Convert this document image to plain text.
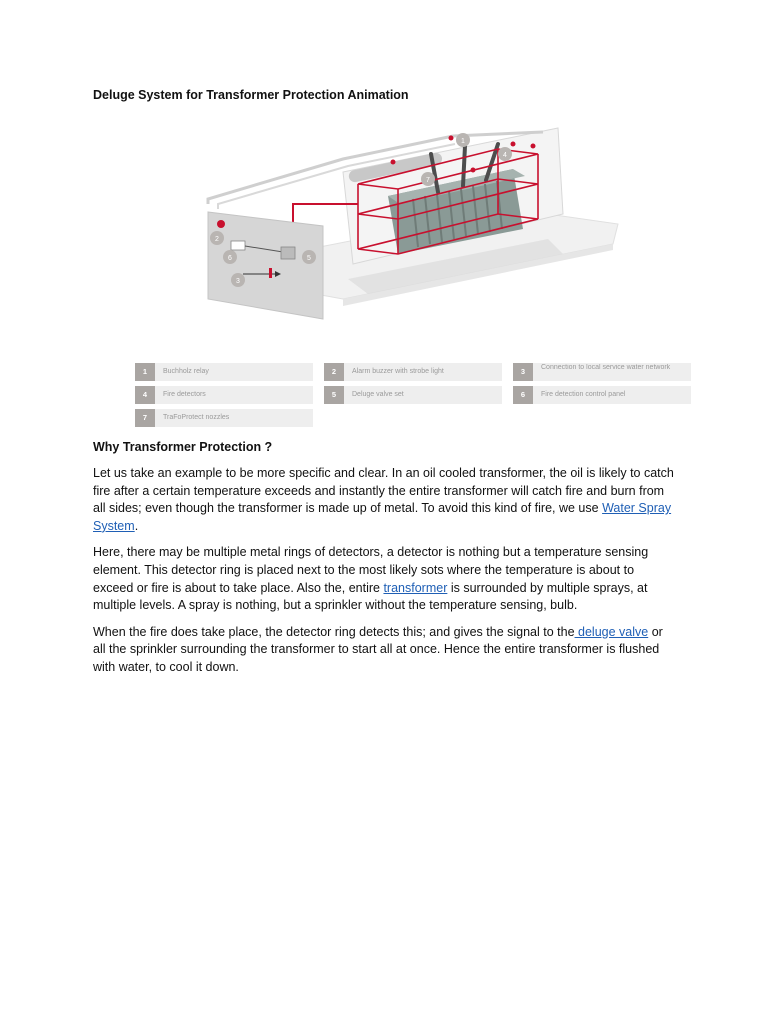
Deluge System for Transformer Protection Animation
2
6
3
5
7
1
4
1	Buchholz relay	2	Alarm buzzer with strobe light	3	Connection to local service water network
4	Fire detectors	5	Deluge valve set	6	Fire detection control panel
7	TraFoProtect nozzles
Why Transformer Protection ?

Let us take an example to be more specific and clear. In an oil cooled transformer, the oil is likely to catch fire after a certain temperature exceeds and instantly the entire transformer will catch fire and burn from all sides; even though the transformer is made up of metal. To avoid this kind of fire, we use Water Spray System.

Here, there may be multiple metal rings of detectors, a detector is nothing but a temperature sensing element. This detector ring is placed next to the most likely sots where the temperature is about to exceed or fire is about to take place. Also the, entire transformer is surrounded by multiple sprays, at multiple levels. A spray is nothing, but a sprinkler without the temperature sensing, bulb.

When the fire does take place, the detector ring detects this; and gives the signal to the deluge valve or all the sprinkler surrounding the transformer to start all at once. Hence the entire transformer is flushed with water, to cool it down.
